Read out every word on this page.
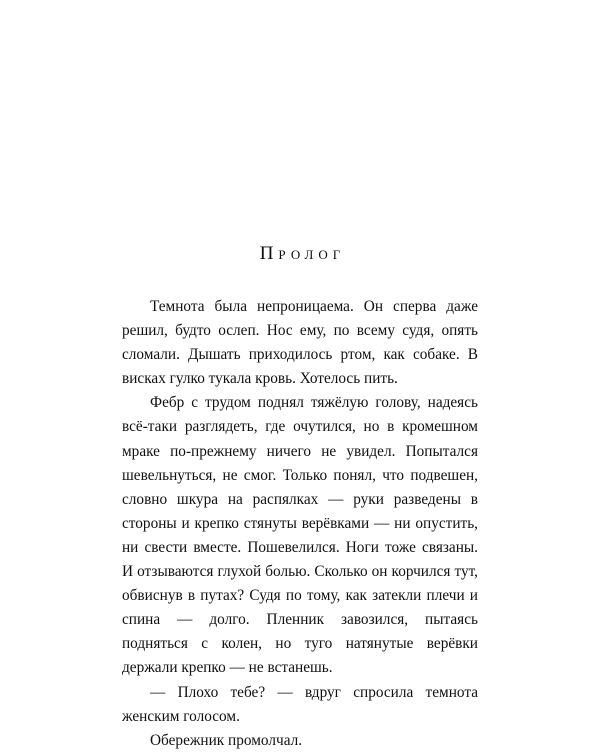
Пролог

Темнота была непроницаема. Он сперва даже решил, будто ослеп. Нос ему, по всему судя, опять сломали. Дышать приходилось ртом, как собаке. В висках гулко тукала кровь. Хотелось пить.

Фебр с трудом поднял тяжёлую голову, надеясь всё-таки разглядеть, где очутился, но в кромешном мраке по-прежнему ничего не увидел. Попытался шевельнуться, не смог. Только понял, что подвешен, словно шкура на распялках — руки разведены в стороны и крепко стянуты верёвками — ни опустить, ни свести вместе. Пошевелился. Ноги тоже связаны. И отзываются глухой болью. Сколько он корчился тут, обвиснув в путах? Судя по тому, как затекли плечи и спина — долго. Пленник завозился, пытаясь подняться с колен, но туго натянутые верёвки держали крепко — не встанешь.

— Плохо тебе? — вдруг спросила темнота женским голосом.

Обережник промолчал.
